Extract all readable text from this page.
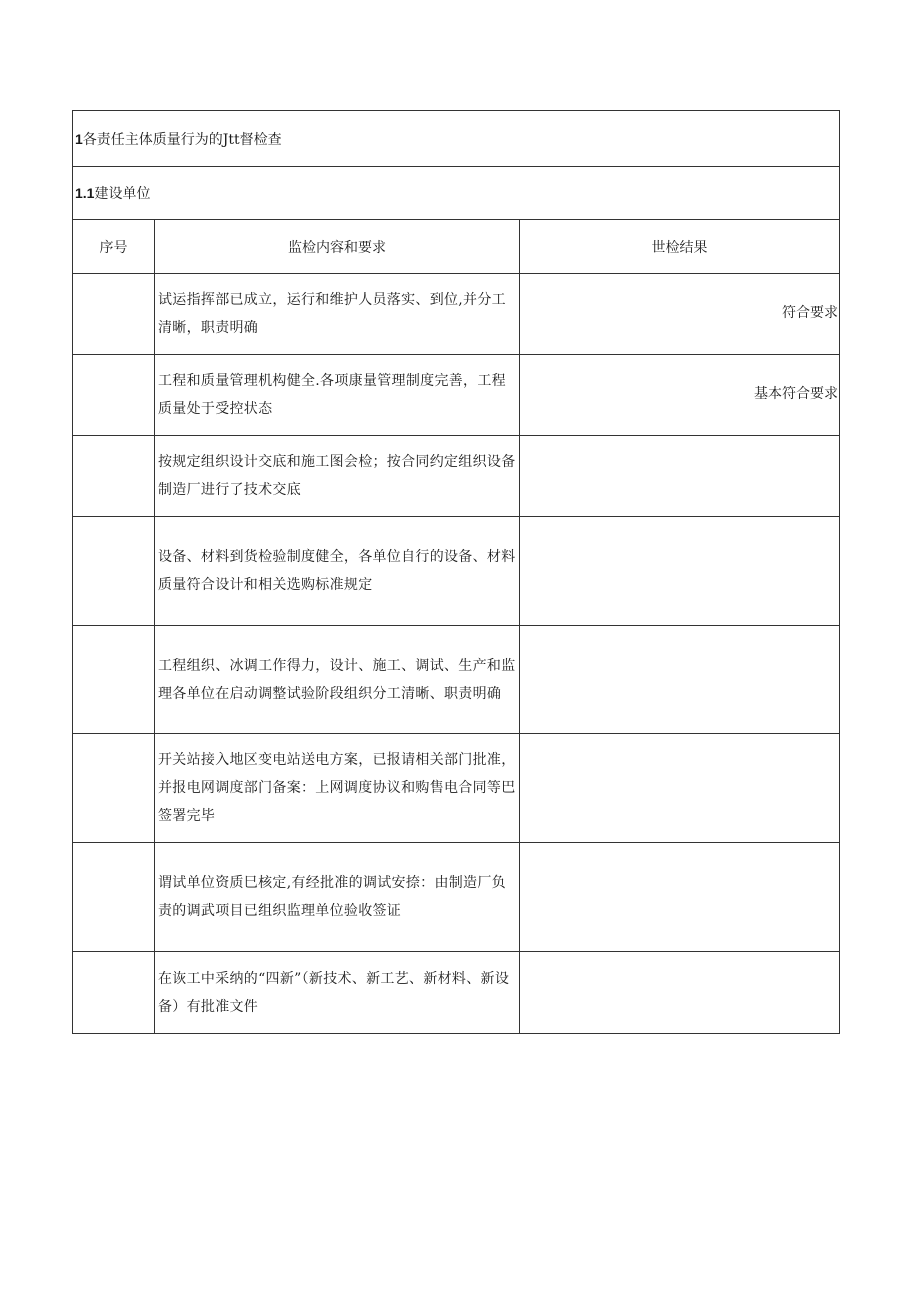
1各责任主体质量行为的Jtt督检查		
1.1建设单位		
序号	监检内容和要求	世检结果
	试运指挥部已成立，运行和维护人员落实、到位,并分工清晰，职责明确	符合要求
	工程和质量管理机构健全.各项康量管理制度完善，工程质量处于受控状态	基本符合要求
	按规定组织设计交底和施工图会检；按合同约定组织设备制造厂进行了技术交底	
	设备、材料到货检验制度健全，各单位自行的设备、材料质量符合设计和相关选购标准规定	
	工程组织、冰调工作得力，设计、施工、调试、生产和监理各单位在启动调整试验阶段组织分工清晰、职责明确	
	开关站接入地区变电站送电方案，已报请相关部门批准，并报电网调度部门备案：上网调度协议和购售电合同等巴签署完毕	
	谓试单位资质巳核定,有经批准的调试安捺：由制造厂负责的调武项目已组织监理单位验收签证	
	在诙工中采纳的“四新”（新技术、新工艺、新材料、新设备）有批准文件	
